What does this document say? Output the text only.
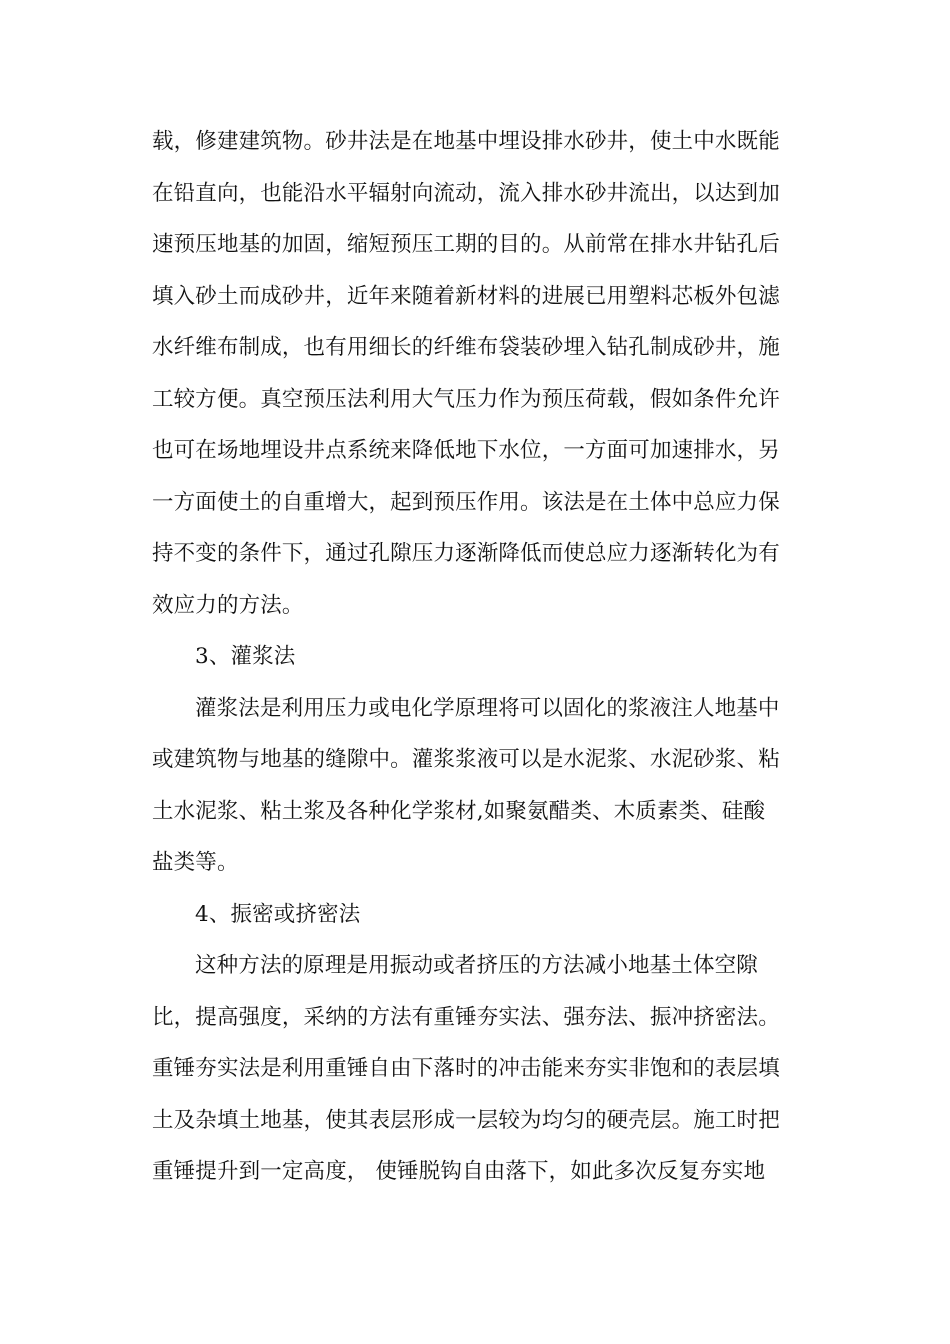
载，修建建筑物。砂井法是在地基中埋设排水砂井，使土中水既能
在铅直向，也能沿水平辐射向流动，流入排水砂井流出，以达到加
速预压地基的加固，缩短预压工期的目的。从前常在排水井钻孔后
填入砂土而成砂井，近年来随着新材料的进展已用塑料芯板外包滤
水纤维布制成，也有用细长的纤维布袋装砂埋入钻孔制成砂井，施
工较方便。真空预压法利用大气压力作为预压荷载，假如条件允许
也可在场地埋设井点系统来降低地下水位，一方面可加速排水，另
一方面使土的自重增大，起到预压作用。该法是在土体中总应力保
持不变的条件下，通过孔隙压力逐渐降低而使总应力逐渐转化为有
效应力的方法。
3、灌浆法
灌浆法是利用压力或电化学原理将可以固化的浆液注人地基中
或建筑物与地基的缝隙中。灌浆浆液可以是水泥浆、水泥砂浆、粘
土水泥浆、粘土浆及各种化学浆材,如聚氨醋类、木质素类、硅酸
盐类等。
4、振密或挤密法
这种方法的原理是用振动或者挤压的方法减小地基土体空隙
比，提高强度，采纳的方法有重锤夯实法、强夯法、振冲挤密法。
重锤夯实法是利用重锤自由下落时的冲击能来夯实非饱和的表层填
土及杂填土地基，使其表层形成一层较为均匀的硬壳层。施工时把
重锤提升到一定高度， 使锤脱钩自由落下，如此多次反复夯实地
